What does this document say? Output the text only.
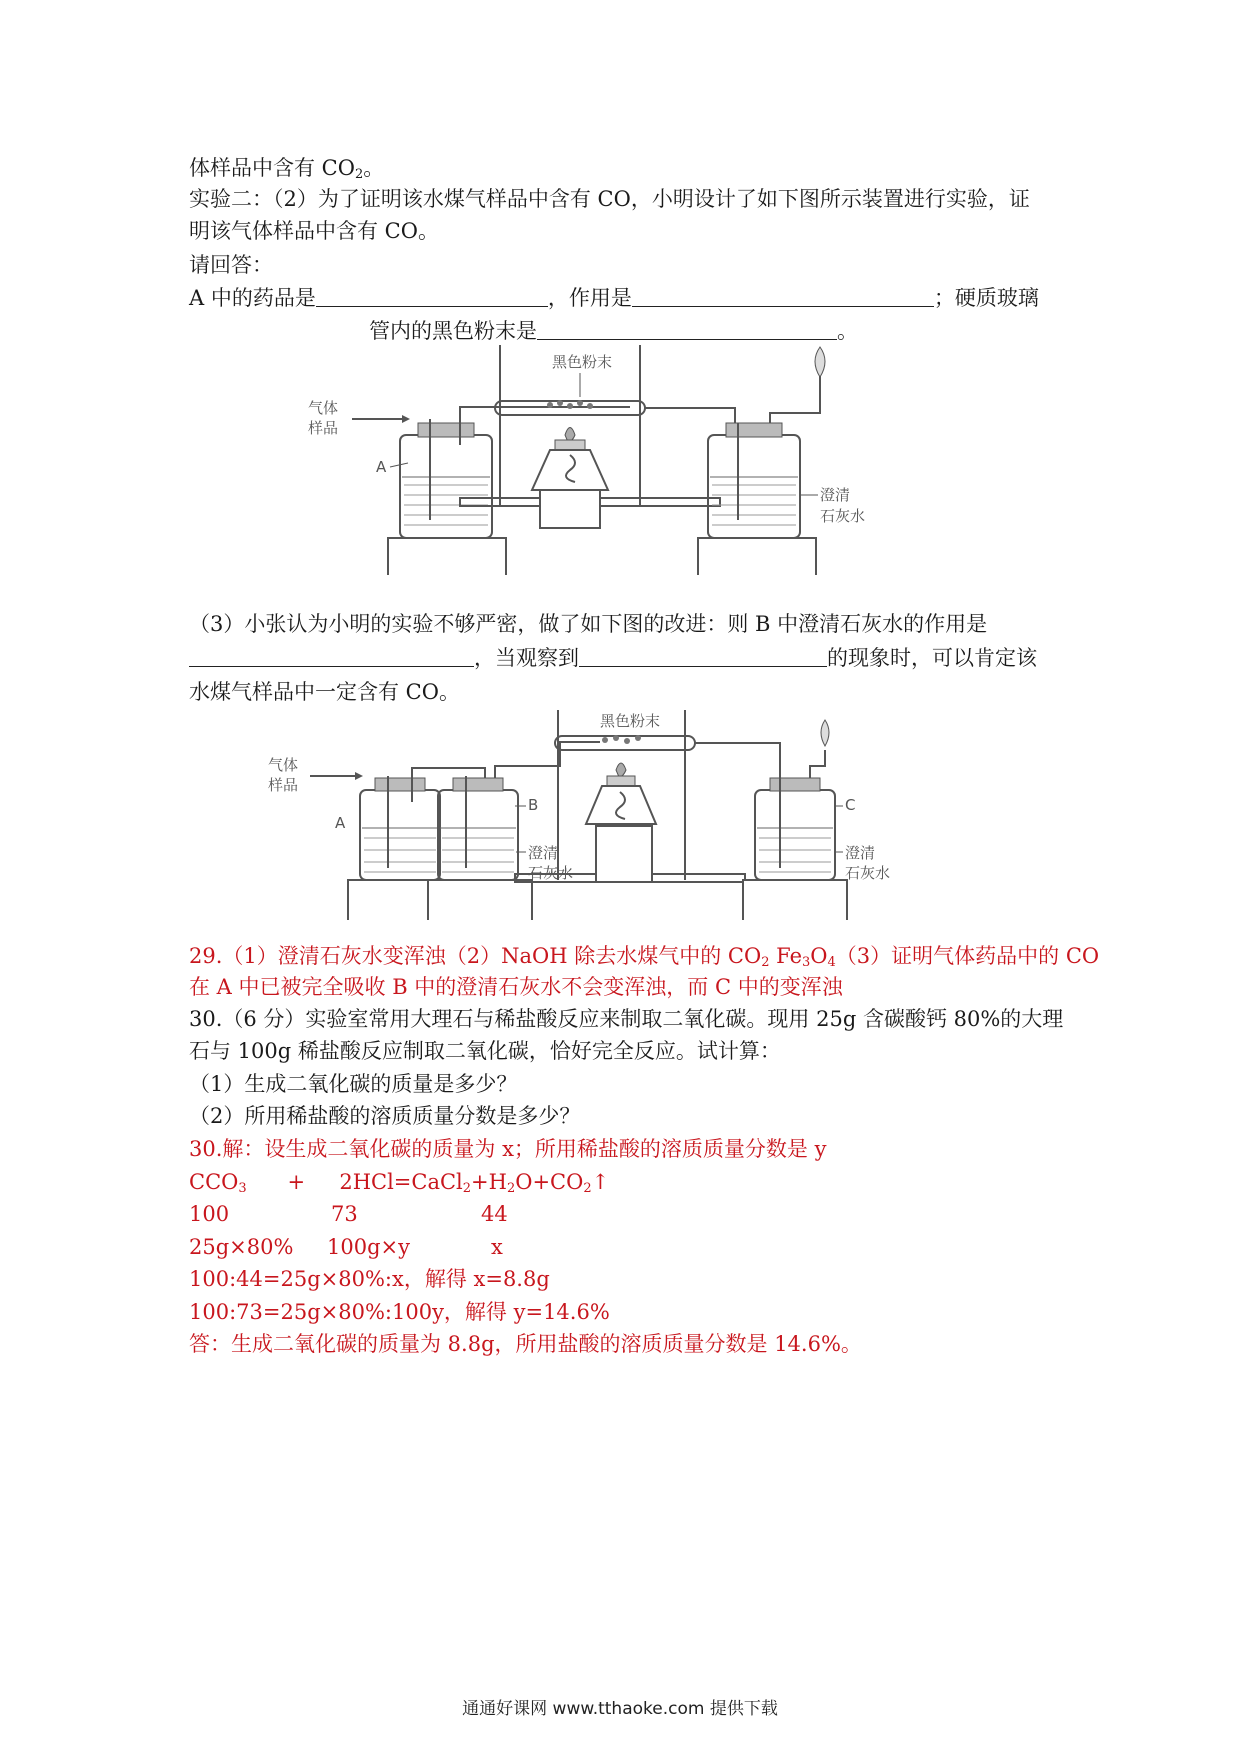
体样品中含有 $CO_2$。
实验二：（2）为了证明该水煤气样品中含有 CO，小明设计了如下图所示装置进行实验，证
明该气体样品中含有 CO。
请回答：
A 中的药品是	，作用是	；硬质玻璃
管内的黑色粉末是	。
气体
样品
A
黑色粉末
澄清
石灰水
（3）小张认为小明的实验不够严密，做了如下图的改进：则 B 中澄清石灰水的作用是
，当观察到	的现象时，可以肯定该
水煤气样品中一定含有 CO。
气体
样品
A
B
澄清
石灰水
黑色粉末
C
澄清
石灰水
29.（1）澄清石灰水变浑浊（2）NaOH 除去水煤气中的 $CO_2$ $Fe_3O_4(3)$证明气体药品中的 CO
在 A 中已被完全吸收 B 中的澄清石灰水不会变浑浊，而 C 中的变浑浊
30.（6 分）实验室常用大理石与稀盐酸反应来制取二氧化碳。现用 25g 含碳酸钙 80%的大理
石与 100g 稀盐酸反应制取二氧化碳，恰好完全反应。试计算：
（1）生成二氧化碳的质量是多少？
（2）所用稀盐酸的溶质质量分数是多少？
30.解：设生成二氧化碳的质量为 x；所用稀盐酸的溶质质量分数是 y
$CCO_3$ + $2HCl=CaCl_2+H_2O+CO_2↑$
100	73	44
25g×80% 100g×y	x
100:44=25g×80%:x，解得 x=8.8g
100:73=25g×80%:100y，解得 y=14.6%
答：生成二氧化碳的质量为 8.8g，所用盐酸的溶质质量分数是 14.6%。
通通好课网 www.tthaoke.com 提供下载
